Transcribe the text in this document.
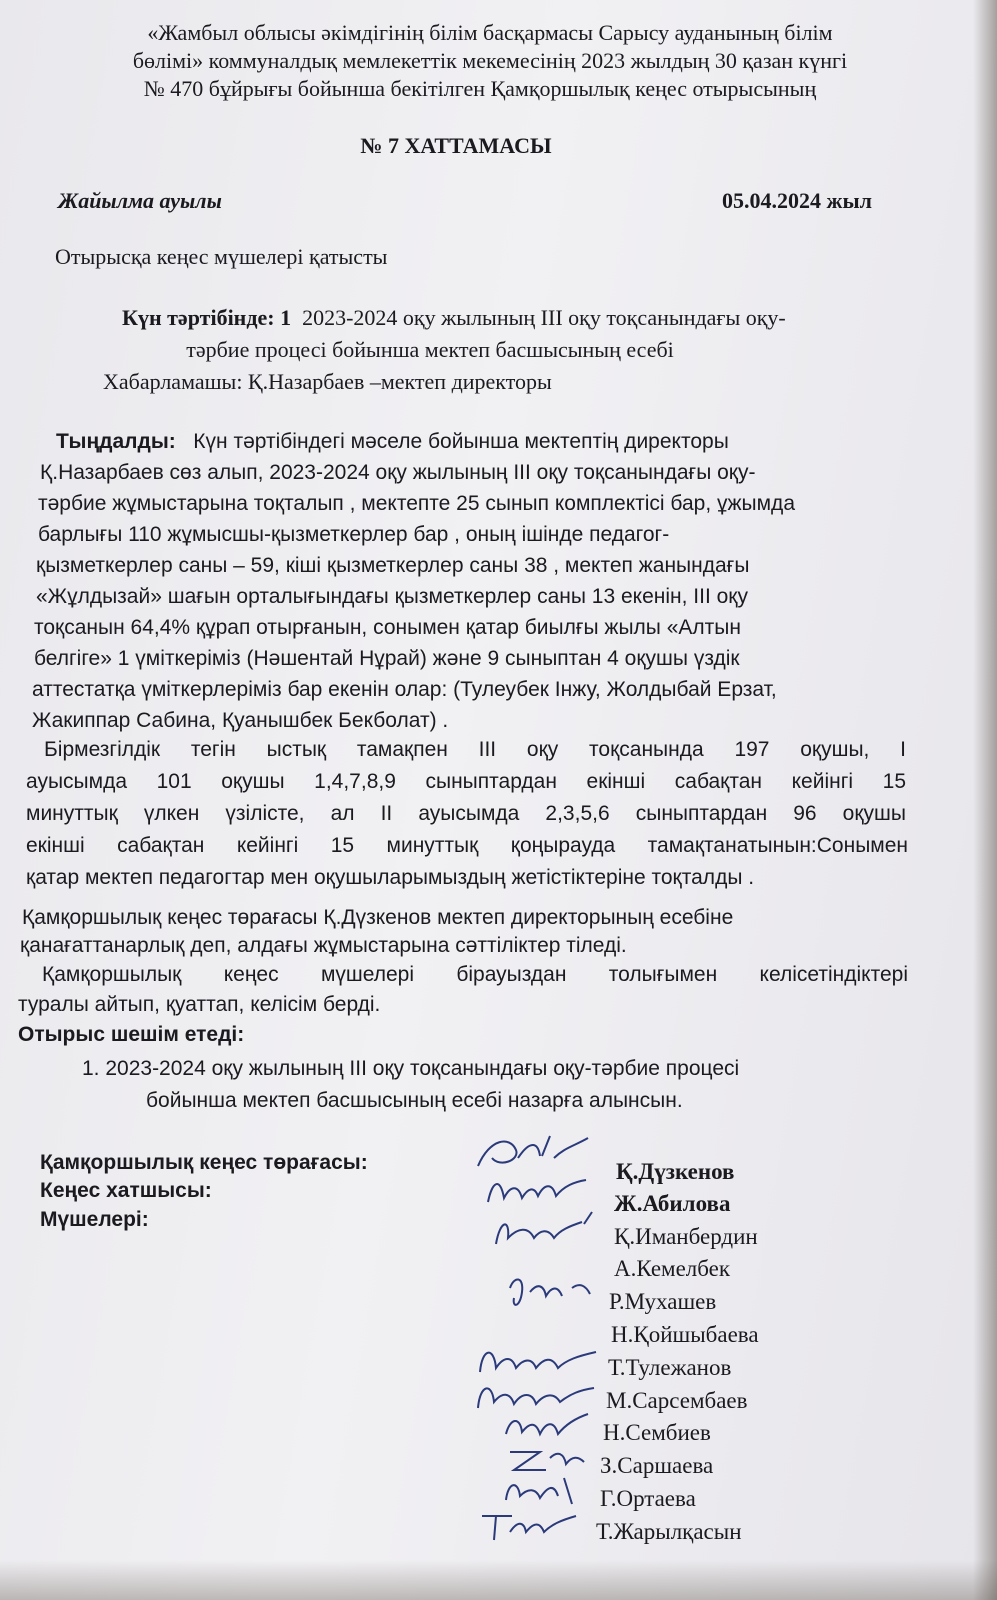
«Жамбыл облысы әкімдігінің білім басқармасы Сарысу ауданының білім
бөлімі» коммуналдық мемлекеттік мекемесінің 2023 жылдың 30 қазан күнгі
№ 470 бұйрығы бойынша бекітілген Қамқоршылық кеңес отырысының
№ 7 ХАТТАМАСЫ
Жайылма ауылы	05.04.2024 жыл
Отырысқа кеңес мүшелері қатысты
Күн тәртібінде: 1 2023-2024 оқу жылының ІІІ оқу тоқсанындағы оқу-
тәрбие процесі бойынша мектеп басшысының есебі
Хабарламашы: Қ.Назарбаев –мектеп директоры
Тыңдалды: Күн тәртібіндегі мәселе бойынша мектептің директоры
Қ.Назарбаев сөз алып, 2023-2024 оқу жылының ІІІ оқу тоқсанындағы оқу-
тәрбие жұмыстарына тоқталып , мектепте 25 сынып комплектісі бар, ұжымда
барлығы 110 жұмысшы-қызметкерлер бар , оның ішінде педагог-
қызметкерлер саны – 59, кіші қызметкерлер саны 38 , мектеп жанындағы
«Жұлдызай» шағын орталығындағы қызметкерлер саны 13 екенін, ІІІ оқу
тоқсанын 64,4% құрап отырғанын, сонымен қатар биылғы жылы «Алтын
белгіге» 1 үміткеріміз (Нәшентай Нұрай) және 9 сыныптан 4 оқушы үздік
аттестатқа үміткерлеріміз бар екенін олар: (Тулеубек Інжу, Жолдыбай Ерзат,
Жакиппар Сабина, Қуанышбек Бекболат) .
Бірмезгілдік тегін ыстық тамақпен ІІІ оқу тоқсанында 197 оқушы, І
ауысымда 101 оқушы 1,4,7,8,9 сыныптардан екінші сабақтан кейінгі 15
минуттық үлкен үзілісте, ал ІІ ауысымда 2,3,5,6 сыныптардан 96 оқушы
екінші сабақтан кейінгі 15 минуттық қоңырауда тамақтанатынын:Сонымен
қатар мектеп педагогтар мен оқушыларымыздың жетістіктеріне тоқталды .
Қамқоршылық кеңес төрағасы Қ.Дүзкенов мектеп директорының есебіне
қанағаттанарлық деп, алдағы жұмыстарына сәттіліктер тіледі.
Қамқоршылық кеңес мүшелері бірауыздан толығымен келісетіндіктері
туралы айтып, қуаттап, келісім берді.
Отырыс шешім етеді:
1. 2023-2024 оқу жылының ІІІ оқу тоқсанындағы оқу-тәрбие процесі
бойынша мектеп басшысының есебі назарға алынсын.
Қамқоршылық кеңес төрағасы:
Кеңес хатшысы:
Мүшелері:
Қ.Дүзкенов
Ж.Абилова
Қ.Иманбердин
А.Кемелбек
Р.Мухашев
Н.Қойшыбаева
Т.Тулежанов
М.Сарсембаев
Н.Сембиев
З.Саршаева
Г.Ортаева
Т.Жарылқасын
